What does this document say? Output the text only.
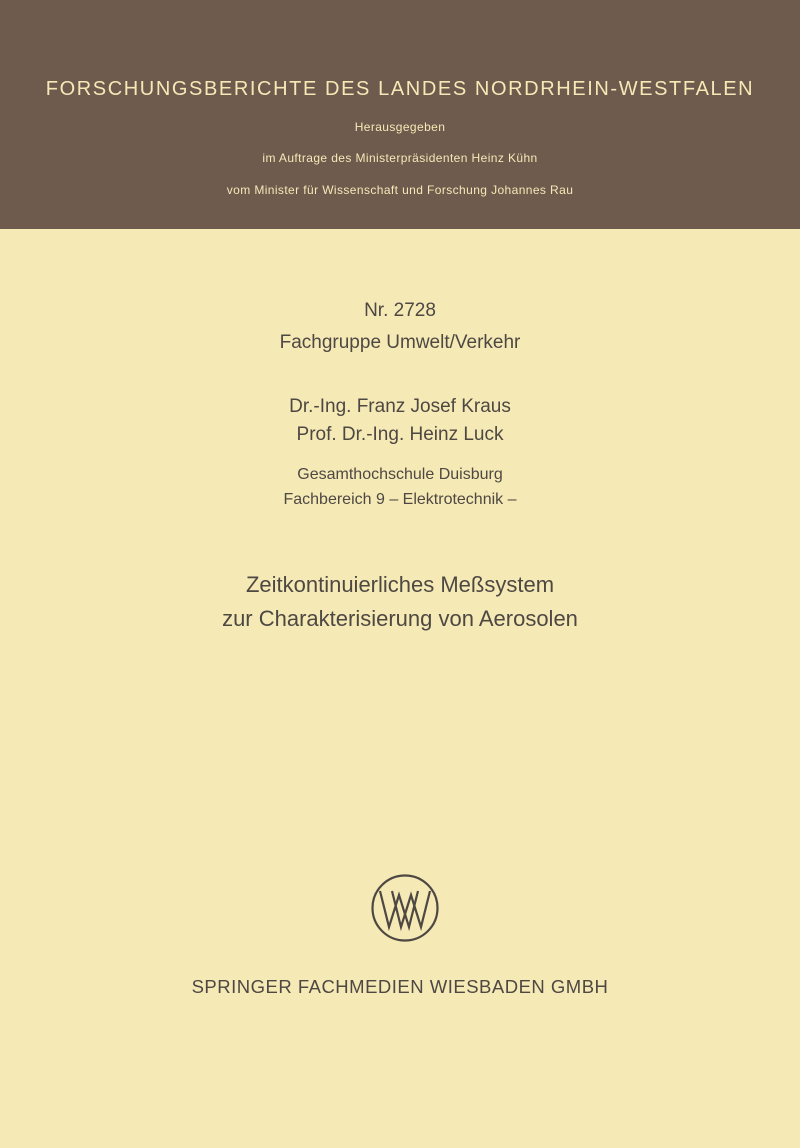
FORSCHUNGSBERICHTE DES LANDES NORDRHEIN-WESTFALEN
Herausgegeben
im Auftrage des Ministerpräsidenten Heinz Kühn
vom Minister für Wissenschaft und Forschung Johannes Rau
Nr. 2728
Fachgruppe Umwelt/Verkehr
Dr.-Ing. Franz Josef Kraus
Prof. Dr.-Ing. Heinz Luck
Gesamthochschule Duisburg
Fachbereich 9 – Elektrotechnik –
Zeitkontinuierliches Meßsystem
zur Charakterisierung von Aerosolen
SPRINGER FACHMEDIEN WIESBADEN GMBH
